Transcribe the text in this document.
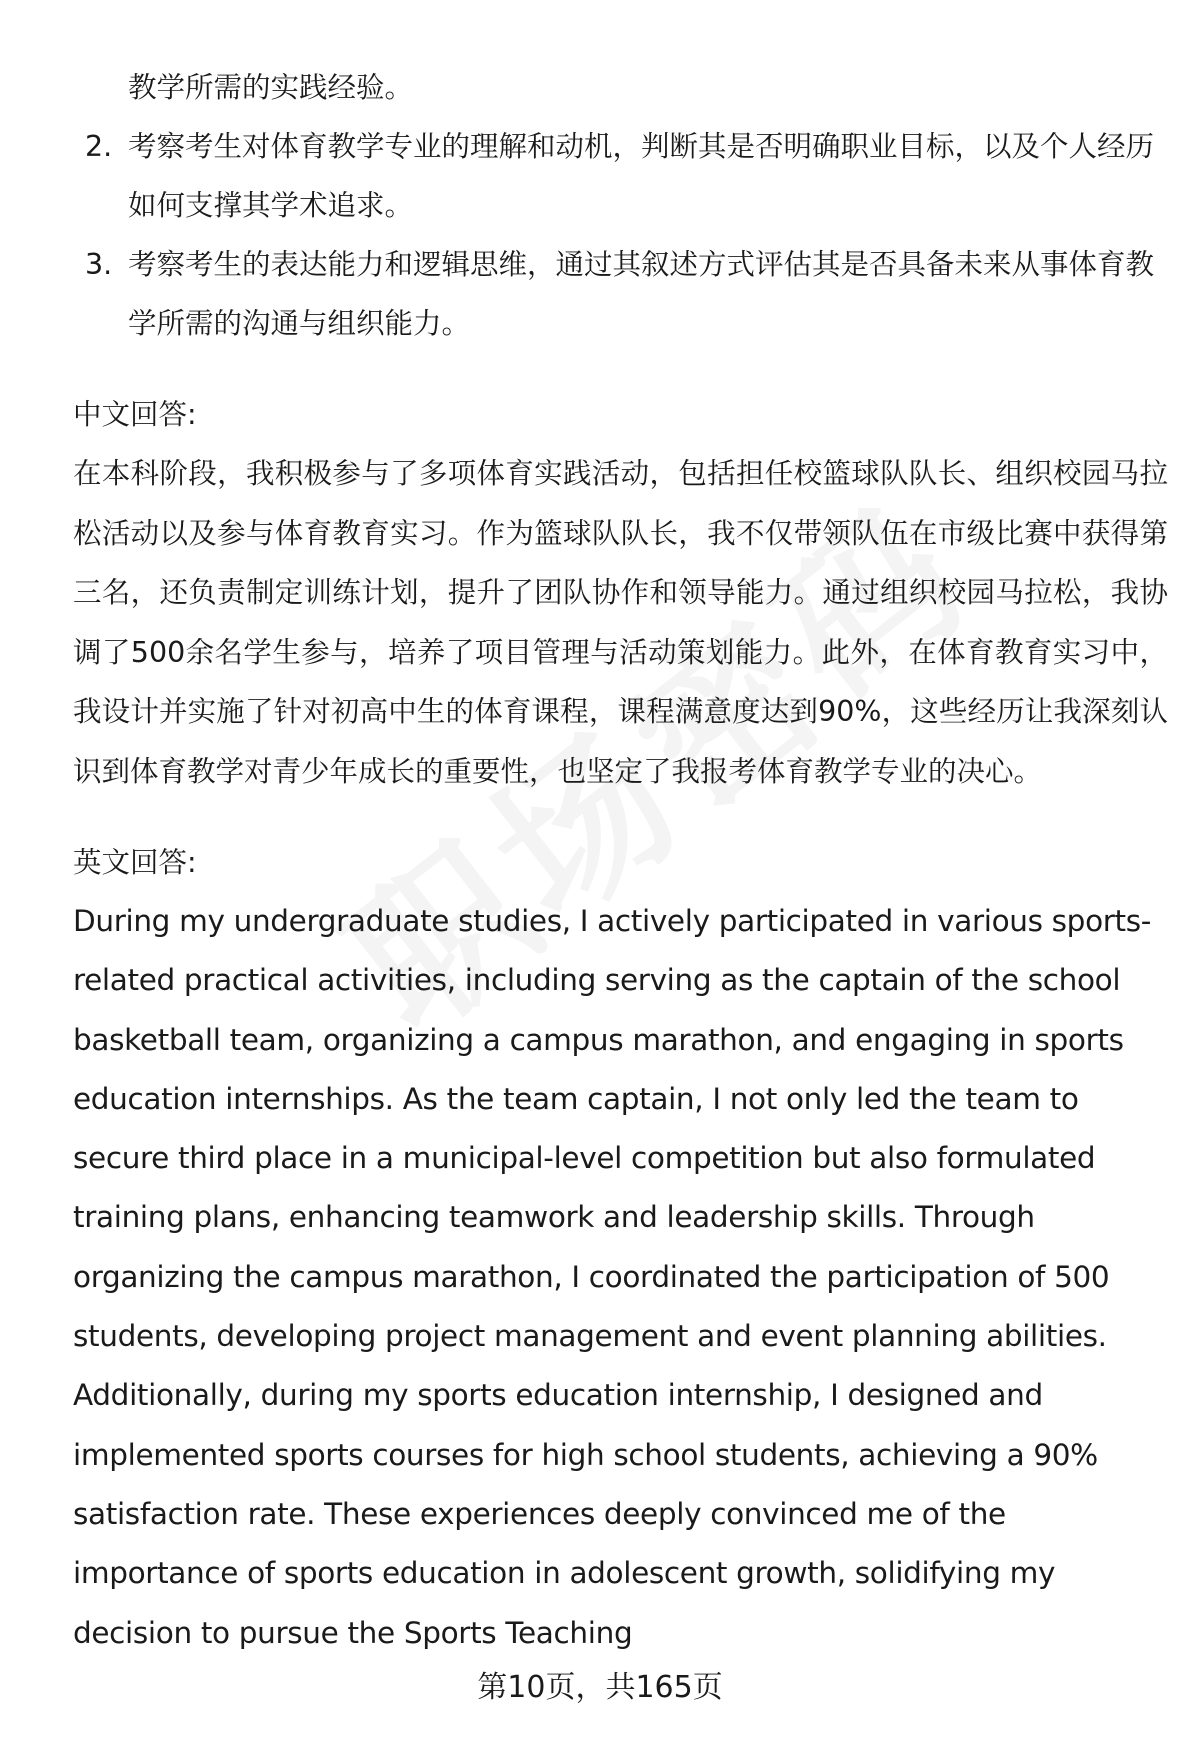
教学所需的实践经验。
2. 考察考生对体育教学专业的理解和动机，判断其是否明确职业目标，以及个人经历如何支撑其学术追求。
3. 考察考生的表达能力和逻辑思维，通过其叙述方式评估其是否具备未来从事体育教学所需的沟通与组织能力。
中文回答:

在本科阶段，我积极参与了多项体育实践活动，包括担任校篮球队队长、组织校园马拉松活动以及参与体育教育实习。作为篮球队队长，我不仅带领队伍在市级比赛中获得第三名，还负责制定训练计划，提升了团队协作和领导能力。通过组织校园马拉松，我协调了500余名学生参与，培养了项目管理与活动策划能力。此外，在体育教育实习中，我设计并实施了针对初高中生的体育课程，课程满意度达到90%，这些经历让我深刻认识到体育教学对青少年成长的重要性，也坚定了我报考体育教学专业的决心。

英文回答:

During my undergraduate studies, I actively participated in various sports-related practical activities, including serving as the captain of the school basketball team, organizing a campus marathon, and engaging in sports education internships. As the team captain, I not only led the team to secure third place in a municipal-level competition but also formulated training plans, enhancing teamwork and leadership skills. Through organizing the campus marathon, I coordinated the participation of 500 students, developing project management and event planning abilities. Additionally, during my sports education internship, I designed and implemented sports courses for high school students, achieving a 90% satisfaction rate. These experiences deeply convinced me of the importance of sports education in adolescent growth, solidifying my decision to pursue the Sports Teaching

第10页，共165页
